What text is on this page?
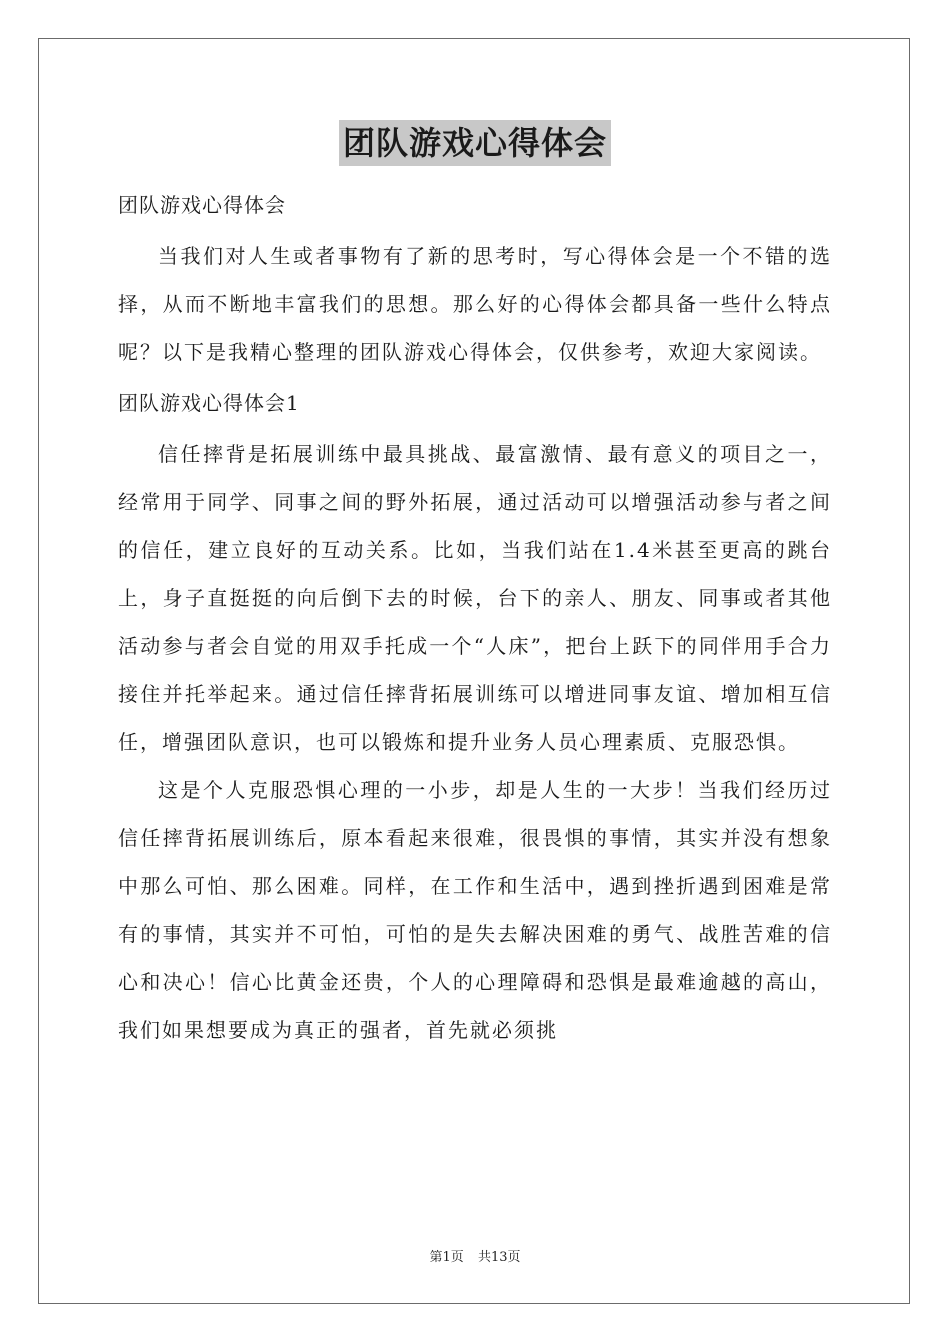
团队游戏心得体会
团队游戏心得体会

当我们对人生或者事物有了新的思考时，写心得体会是一个不错的选择，从而不断地丰富我们的思想。那么好的心得体会都具备一些什么特点呢？以下是我精心整理的团队游戏心得体会，仅供参考，欢迎大家阅读。

团队游戏心得体会1

信任摔背是拓展训练中最具挑战、最富激情、最有意义的项目之一，经常用于同学、同事之间的野外拓展，通过活动可以增强活动参与者之间的信任，建立良好的互动关系。比如，当我们站在1.4米甚至更高的跳台上，身子直挺挺的向后倒下去的时候，台下的亲人、朋友、同事或者其他活动参与者会自觉的用双手托成一个“人床”，把台上跃下的同伴用手合力接住并托举起来。通过信任摔背拓展训练可以增进同事友谊、增加相互信任，增强团队意识，也可以锻炼和提升业务人员心理素质、克服恐惧。

这是个人克服恐惧心理的一小步，却是人生的一大步！当我们经历过信任摔背拓展训练后，原本看起来很难，很畏惧的事情，其实并没有想象中那么可怕、那么困难。同样，在工作和生活中，遇到挫折遇到困难是常有的事情，其实并不可怕，可怕的是失去解决困难的勇气、战胜苦难的信心和决心！信心比黄金还贵，个人的心理障碍和恐惧是最难逾越的高山，我们如果想要成为真正的强者，首先就必须挑

第1页 共13页
